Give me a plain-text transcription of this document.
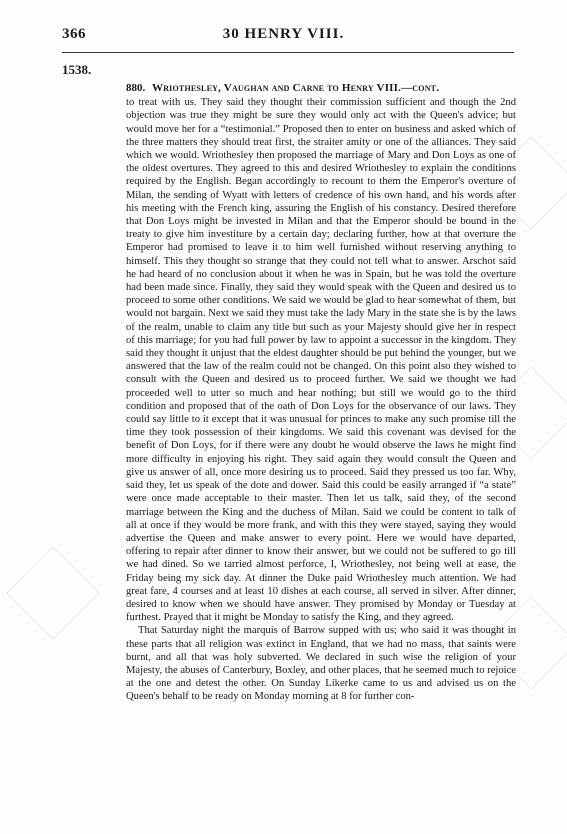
366	30 HENRY VIII.
1538.
880. Wriothesley, Vaughan and Carne to Henry VIII.—cont.

to treat with us. They said they thought their commission sufficient and though the 2nd objection was true they might be sure they would only act with the Queen's advice; but would move her for a “testimonial.” Proposed then to enter on business and asked which of the three matters they should treat first, the straiter amity or one of the alliances. They said which we would. Wriothesley then proposed the marriage of Mary and Don Loys as one of the oldest overtures. They agreed to this and desired Wriothesley to explain the conditions required by the English. Began accordingly to recount to them the Emperor's overture of Milan, the sending of Wyatt with letters of credence of his own hand, and his words after his meeting with the French king, assuring the English of his constancy. Desired therefore that Don Loys might be invested in Milan and that the Emperor should be bound in the treaty to give him investiture by a certain day; declaring further, how at that overture the Emperor had promised to leave it to him well furnished without reserving anything to himself. This they thought so strange that they could not tell what to answer. Arschot said he had heard of no conclusion about it when he was in Spain, but he was told the overture had been made since. Finally, they said they would speak with the Queen and desired us to proceed to some other conditions. We said we would be glad to hear somewhat of them, but would not bargain. Next we said they must take the lady Mary in the state she is by the laws of the realm, unable to claim any title but such as your Majesty should give her in respect of this marriage; for you had full power by law to appoint a successor in the kingdom. They said they thought it unjust that the eldest daughter should be put behind the younger, but we answered that the law of the realm could not be changed. On this point also they wished to consult with the Queen and desired us to proceed further. We said we thought we had proceeded well to utter so much and hear nothing; but still we would go to the third condition and proposed that of the oath of Don Loys for the observance of our laws. They could say little to it except that it was unusual for princes to make any such promise till the time they took possession of their kingdoms. We said this covenant was devised for the benefit of Don Loys, for if there were any doubt he would observe the laws he might find more difficulty in enjoying his right. They said again they would consult the Queen and give us answer of all, once more desiring us to proceed. Said they pressed us too far. Why, said they, let us speak of the dote and dower. Said this could be easily arranged if “a state” were once made acceptable to their master. Then let us talk, said they, of the second marriage between the King and the duchess of Milan. Said we could be content to talk of all at once if they would be more frank, and with this they were stayed, saying they would advertise the Queen and make answer to every point. Here we would have departed, offering to repair after dinner to know their answer, but we could not be suffered to go till we had dined. So we tarried almost perforce, I, Wriothesley, not being well at ease, the Friday being my sick day. At dinner the Duke paid Wriothesley much attention. We had great fare, 4 courses and at least 10 dishes at each course, all served in silver. After dinner, desired to know when we should have answer. They promised by Monday or Tuesday at furthest. Prayed that it might be Monday to satisfy the King, and they agreed.

That Saturday night the marquis of Barrow supped with us; who said it was thought in these parts that all religion was extinct in England, that we had no mass, that saints were burnt, and all that was holy subverted. We declared in such wise the religion of your Majesty, the abuses of Canterbury, Boxley, and other places, that he seemed much to rejoice at the one and detest the other. On Sunday Likerke came to us and advised us on the Queen's behalf to be ready on Monday morning at 8 for further con-
